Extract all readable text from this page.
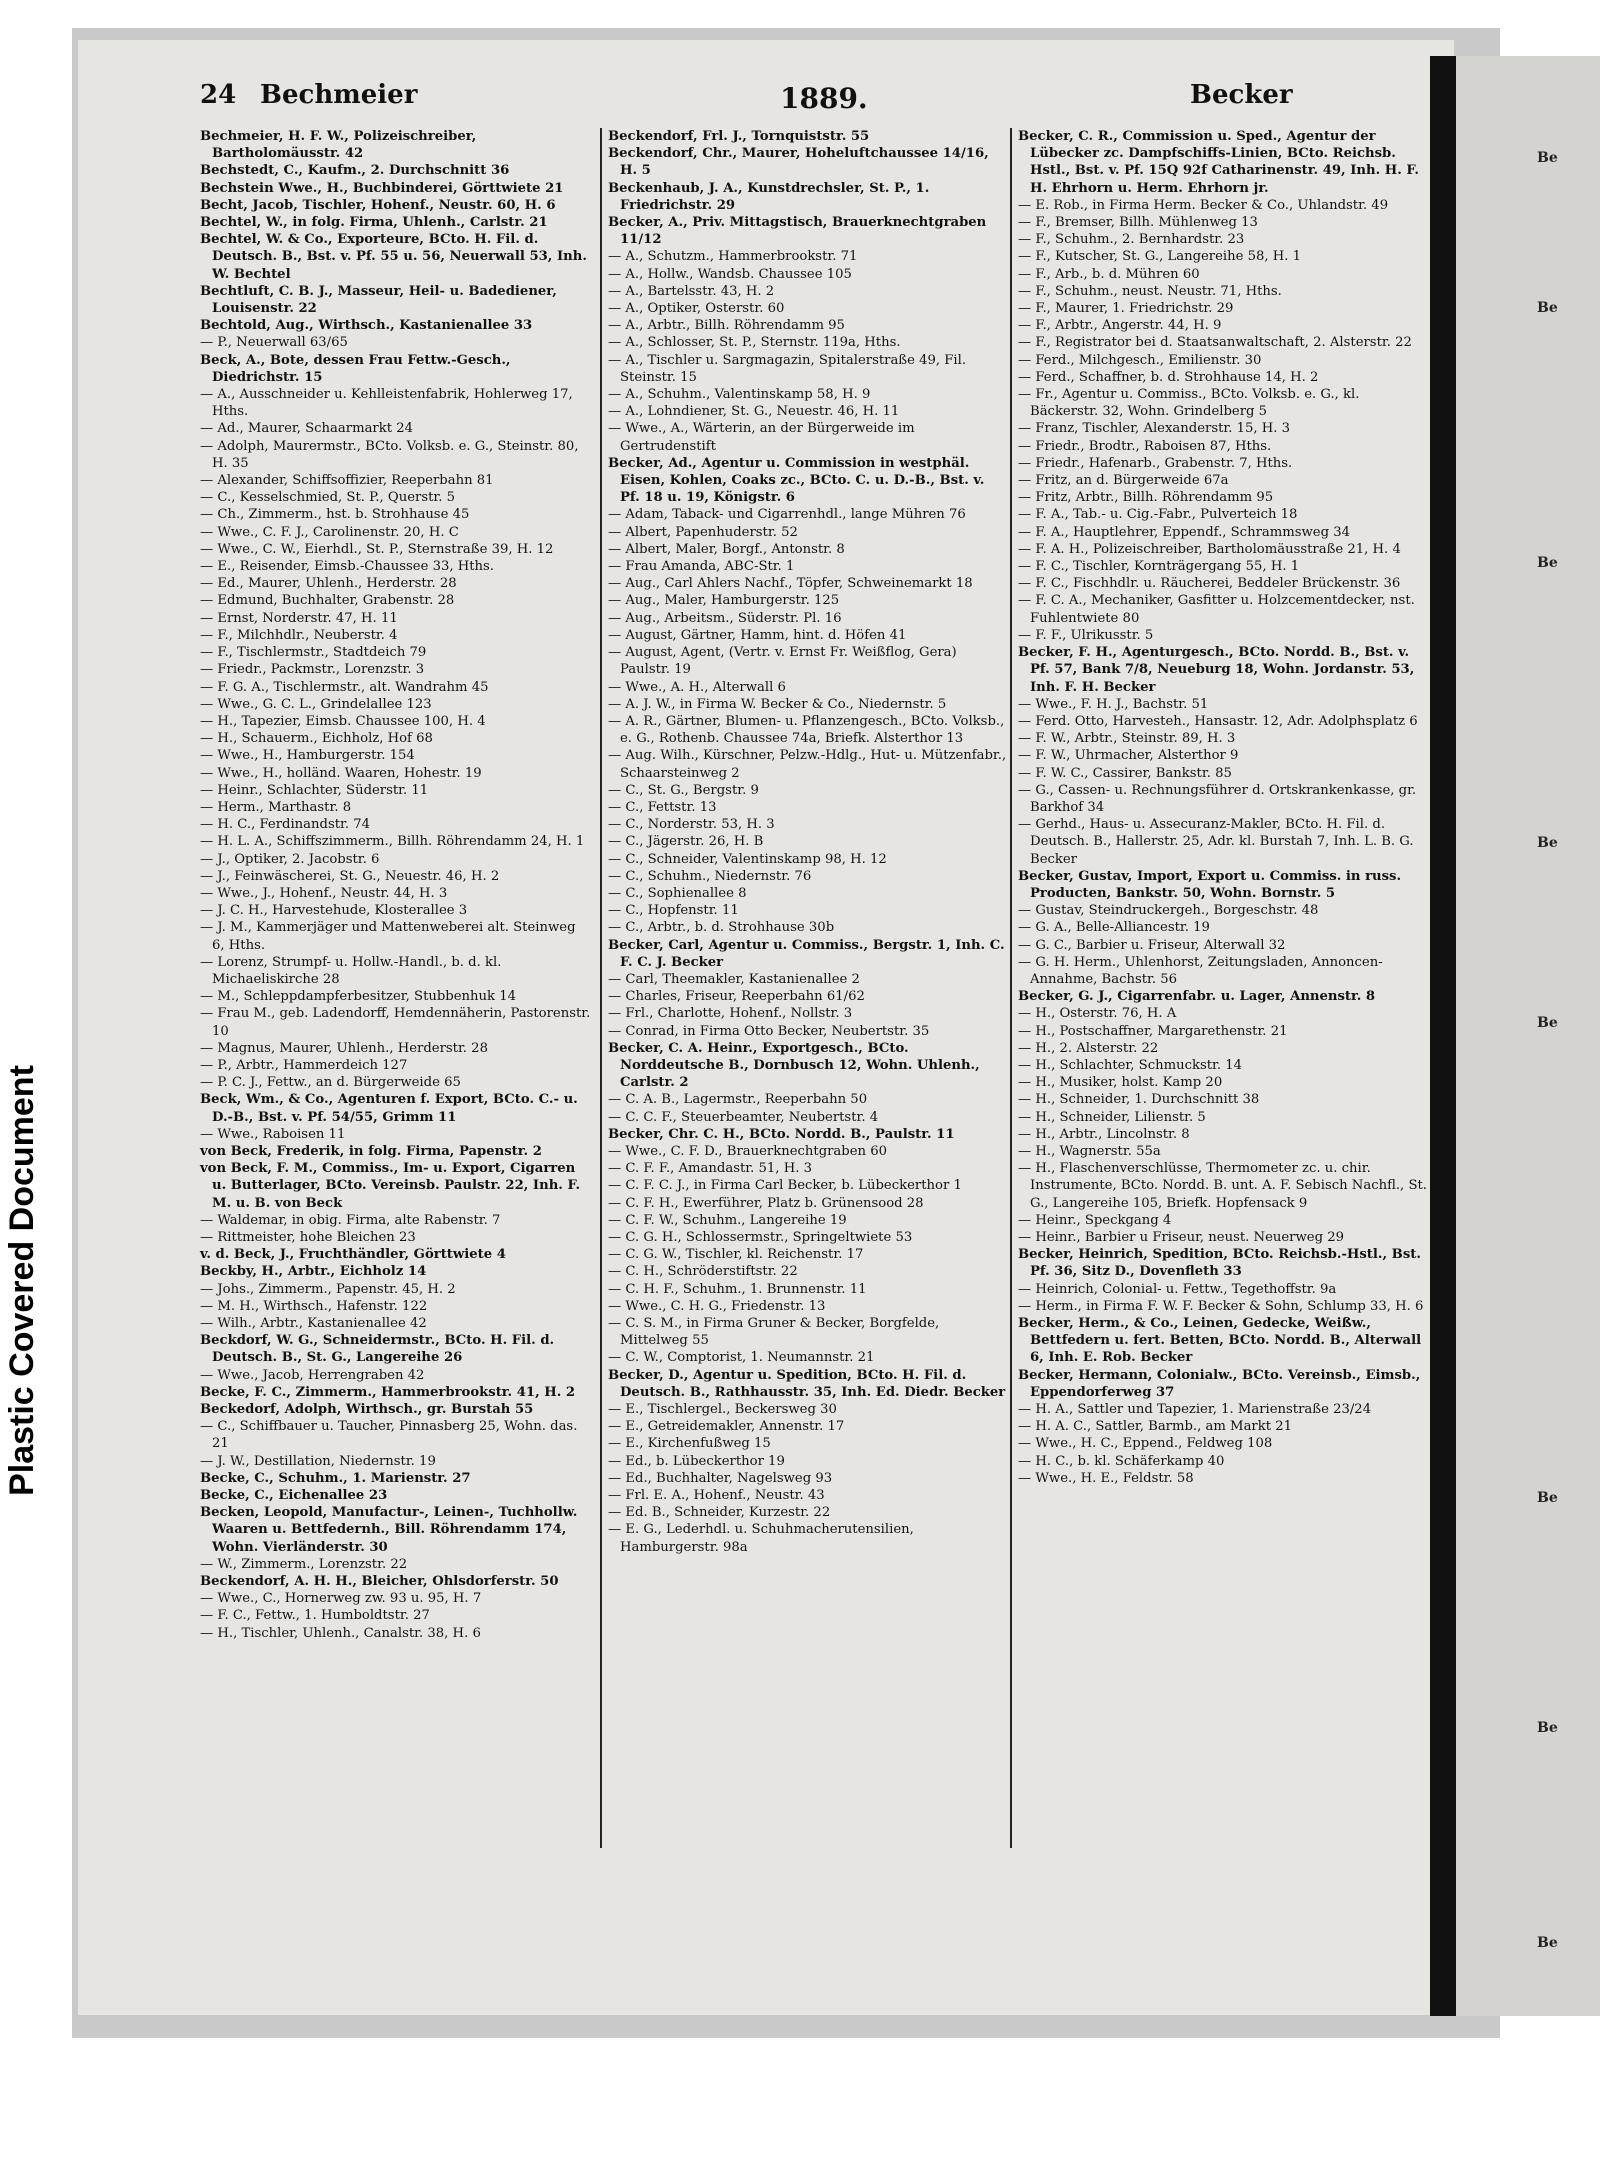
Plastic Covered Document
Be
Be
Be
Be
Be
Be
Be
Be
24 Bechmeier	1889.	Becker

Bechmeier, H. F. W., Polizeischreiber, Bartholomäusstr. 42

Bechstedt, C., Kaufm., 2. Durchschnitt 36

Bechstein Wwe., H., Buchbinderei, Görttwiete 21

Becht, Jacob, Tischler, Hohenf., Neustr. 60, H. 6

Bechtel, W., in folg. Firma, Uhlenh., Carlstr. 21

Bechtel, W. & Co., Exporteure, BCto. H. Fil. d. Deutsch. B., Bst. v. Pf. 55 u. 56, Neuerwall 53, Inh. W. Bechtel

Bechtluft, C. B. J., Masseur, Heil- u. Badediener, Louisenstr. 22

Bechtold, Aug., Wirthsch., Kastanienallee 33

— P., Neuerwall 63/65

Beck, A., Bote, dessen Frau Fettw.-Gesch., Diedrichstr. 15

— A., Ausschneider u. Kehlleistenfabrik, Hohlerweg 17, Hths.

— Ad., Maurer, Schaarmarkt 24

— Adolph, Maurermstr., BCto. Volksb. e. G., Steinstr. 80, H. 35

— Alexander, Schiffsoffizier, Reeperbahn 81

— C., Kesselschmied, St. P., Querstr. 5

— Ch., Zimmerm., hst. b. Strohhause 45

— Wwe., C. F. J., Carolinenstr. 20, H. C

— Wwe., C. W., Eierhdl., St. P., Sternstraße 39, H. 12

— E., Reisender, Eimsb.-Chaussee 33, Hths.

— Ed., Maurer, Uhlenh., Herderstr. 28

— Edmund, Buchhalter, Grabenstr. 28

— Ernst, Norderstr. 47, H. 11

— F., Milchhdlr., Neuberstr. 4

— F., Tischlermstr., Stadtdeich 79

— Friedr., Packmstr., Lorenzstr. 3

— F. G. A., Tischlermstr., alt. Wandrahm 45

— Wwe., G. C. L., Grindelallee 123

— H., Tapezier, Eimsb. Chaussee 100, H. 4

— H., Schauerm., Eichholz, Hof 68

— Wwe., H., Hamburgerstr. 154

— Wwe., H., holländ. Waaren, Hohestr. 19

— Heinr., Schlachter, Süderstr. 11

— Herm., Marthastr. 8

— H. C., Ferdinandstr. 74

— H. L. A., Schiffszimmerm., Billh. Röhrendamm 24, H. 1

— J., Optiker, 2. Jacobstr. 6

— J., Feinwäscherei, St. G., Neuestr. 46, H. 2

— Wwe., J., Hohenf., Neustr. 44, H. 3

— J. C. H., Harvestehude, Klosterallee 3

— J. M., Kammerjäger und Mattenweberei alt. Steinweg 6, Hths.

— Lorenz, Strumpf- u. Hollw.-Handl., b. d. kl. Michaeliskirche 28

— M., Schleppdampferbesitzer, Stubbenhuk 14

— Frau M., geb. Ladendorff, Hemdennäherin, Pastorenstr. 10

— Magnus, Maurer, Uhlenh., Herderstr. 28

— P., Arbtr., Hammerdeich 127

— P. C. J., Fettw., an d. Bürgerweide 65

Beck, Wm., & Co., Agenturen f. Export, BCto. C.- u. D.-B., Bst. v. Pf. 54/55, Grimm 11

— Wwe., Raboisen 11

von Beck, Frederik, in folg. Firma, Papenstr. 2

von Beck, F. M., Commiss., Im- u. Export, Cigarren u. Butterlager, BCto. Vereinsb. Paulstr. 22, Inh. F. M. u. B. von Beck

— Waldemar, in obig. Firma, alte Rabenstr. 7

— Rittmeister, hohe Bleichen 23

v. d. Beck, J., Fruchthändler, Görttwiete 4

Beckby, H., Arbtr., Eichholz 14

— Johs., Zimmerm., Papenstr. 45, H. 2

— M. H., Wirthsch., Hafenstr. 122

— Wilh., Arbtr., Kastanienallee 42

Beckdorf, W. G., Schneidermstr., BCto. H. Fil. d. Deutsch. B., St. G., Langereihe 26

— Wwe., Jacob, Herrengraben 42

Becke, F. C., Zimmerm., Hammerbrookstr. 41, H. 2

Beckedorf, Adolph, Wirthsch., gr. Burstah 55

— C., Schiffbauer u. Taucher, Pinnasberg 25, Wohn. das. 21

— J. W., Destillation, Niedernstr. 19

Becke, C., Schuhm., 1. Marienstr. 27

Becke, C., Eichenallee 23

Becken, Leopold, Manufactur-, Leinen-, Tuchhollw. Waaren u. Bettfedernh., Bill. Röhrendamm 174, Wohn. Vierländerstr. 30

— W., Zimmerm., Lorenzstr. 22

Beckendorf, A. H. H., Bleicher, Ohlsdorferstr. 50

— Wwe., C., Hornerweg zw. 93 u. 95, H. 7

— F. C., Fettw., 1. Humboldtstr. 27

— H., Tischler, Uhlenh., Canalstr. 38, H. 6

Beckendorf, Frl. J., Tornquiststr. 55

Beckendorf, Chr., Maurer, Hoheluftchaussee 14/16, H. 5

Beckenhaub, J. A., Kunstdrechsler, St. P., 1. Friedrichstr. 29

Becker, A., Priv. Mittagstisch, Brauerknechtgraben 11/12

— A., Schutzm., Hammerbrookstr. 71

— A., Hollw., Wandsb. Chaussee 105

— A., Bartelsstr. 43, H. 2

— A., Optiker, Osterstr. 60

— A., Arbtr., Billh. Röhrendamm 95

— A., Schlosser, St. P., Sternstr. 119a, Hths.

— A., Tischler u. Sargmagazin, Spitalerstraße 49, Fil. Steinstr. 15

— A., Schuhm., Valentinskamp 58, H. 9

— A., Lohndiener, St. G., Neuestr. 46, H. 11

— Wwe., A., Wärterin, an der Bürgerweide im Gertrudenstift

Becker, Ad., Agentur u. Commission in westphäl. Eisen, Kohlen, Coaks zc., BCto. C. u. D.-B., Bst. v. Pf. 18 u. 19, Königstr. 6

— Adam, Taback- und Cigarrenhdl., lange Mühren 76

— Albert, Papenhuderstr. 52

— Albert, Maler, Borgf., Antonstr. 8

— Frau Amanda, ABC-Str. 1

— Aug., Carl Ahlers Nachf., Töpfer, Schweinemarkt 18

— Aug., Maler, Hamburgerstr. 125

— Aug., Arbeitsm., Süderstr. Pl. 16

— August, Gärtner, Hamm, hint. d. Höfen 41

— August, Agent, (Vertr. v. Ernst Fr. Weißflog, Gera) Paulstr. 19

— Wwe., A. H., Alterwall 6

— A. J. W., in Firma W. Becker & Co., Niedernstr. 5

— A. R., Gärtner, Blumen- u. Pflanzengesch., BCto. Volksb., e. G., Rothenb. Chaussee 74a, Briefk. Alsterthor 13

— Aug. Wilh., Kürschner, Pelzw.-Hdlg., Hut- u. Mützenfabr., Schaarsteinweg 2

— C., St. G., Bergstr. 9

— C., Fettstr. 13

— C., Norderstr. 53, H. 3

— C., Jägerstr. 26, H. B

— C., Schneider, Valentinskamp 98, H. 12

— C., Schuhm., Niedernstr. 76

— C., Sophienallee 8

— C., Hopfenstr. 11

— C., Arbtr., b. d. Strohhause 30b

Becker, Carl, Agentur u. Commiss., Bergstr. 1, Inh. C. F. C. J. Becker

— Carl, Theemakler, Kastanienallee 2

— Charles, Friseur, Reeperbahn 61/62

— Frl., Charlotte, Hohenf., Nollstr. 3

— Conrad, in Firma Otto Becker, Neubertstr. 35

Becker, C. A. Heinr., Exportgesch., BCto. Norddeutsche B., Dornbusch 12, Wohn. Uhlenh., Carlstr. 2

— C. A. B., Lagermstr., Reeperbahn 50

— C. C. F., Steuerbeamter, Neubertstr. 4

Becker, Chr. C. H., BCto. Nordd. B., Paulstr. 11

— Wwe., C. F. D., Brauerknechtgraben 60

— C. F. F., Amandastr. 51, H. 3

— C. F. C. J., in Firma Carl Becker, b. Lübeckerthor 1

— C. F. H., Ewerführer, Platz b. Grünensood 28

— C. F. W., Schuhm., Langereihe 19

— C. G. H., Schlossermstr., Springeltwiete 53

— C. G. W., Tischler, kl. Reichenstr. 17

— C. H., Schröderstiftstr. 22

— C. H. F., Schuhm., 1. Brunnenstr. 11

— Wwe., C. H. G., Friedenstr. 13

— C. S. M., in Firma Gruner & Becker, Borgfelde, Mittelweg 55

— C. W., Comptorist, 1. Neumannstr. 21

Becker, D., Agentur u. Spedition, BCto. H. Fil. d. Deutsch. B., Rathhausstr. 35, Inh. Ed. Diedr. Becker

— E., Tischlergel., Beckersweg 30

— E., Getreidemakler, Annenstr. 17

— E., Kirchenfußweg 15

— Ed., b. Lübeckerthor 19

— Ed., Buchhalter, Nagelsweg 93

— Frl. E. A., Hohenf., Neustr. 43

— Ed. B., Schneider, Kurzestr. 22

— E. G., Lederhdl. u. Schuhmacherutensilien, Hamburgerstr. 98a

Becker, C. R., Commission u. Sped., Agentur der Lübecker zc. Dampfschiffs-Linien, BCto. Reichsb. Hstl., Bst. v. Pf. 15Q 92f Catharinenstr. 49, Inh. H. F. H. Ehrhorn u. Herm. Ehrhorn jr.

— E. Rob., in Firma Herm. Becker & Co., Uhlandstr. 49

— F., Bremser, Billh. Mühlenweg 13

— F., Schuhm., 2. Bernhardstr. 23

— F., Kutscher, St. G., Langereihe 58, H. 1

— F., Arb., b. d. Mühren 60

— F., Schuhm., neust. Neustr. 71, Hths.

— F., Maurer, 1. Friedrichstr. 29

— F., Arbtr., Angerstr. 44, H. 9

— F., Registrator bei d. Staatsanwaltschaft, 2. Alsterstr. 22

— Ferd., Milchgesch., Emilienstr. 30

— Ferd., Schaffner, b. d. Strohhause 14, H. 2

— Fr., Agentur u. Commiss., BCto. Volksb. e. G., kl. Bäckerstr. 32, Wohn. Grindelberg 5

— Franz, Tischler, Alexanderstr. 15, H. 3

— Friedr., Brodtr., Raboisen 87, Hths.

— Friedr., Hafenarb., Grabenstr. 7, Hths.

— Fritz, an d. Bürgerweide 67a

— Fritz, Arbtr., Billh. Röhrendamm 95

— F. A., Tab.- u. Cig.-Fabr., Pulverteich 18

— F. A., Hauptlehrer, Eppendf., Schrammsweg 34

— F. A. H., Polizeischreiber, Bartholomäusstraße 21, H. 4

— F. C., Tischler, Kornträgergang 55, H. 1

— F. C., Fischhdlr. u. Räucherei, Beddeler Brückenstr. 36

— F. C. A., Mechaniker, Gasfitter u. Holzcementdecker, nst. Fuhlentwiete 80

— F. F., Ulrikusstr. 5

Becker, F. H., Agenturgesch., BCto. Nordd. B., Bst. v. Pf. 57, Bank 7/8, Neueburg 18, Wohn. Jordanstr. 53, Inh. F. H. Becker

— Wwe., F. H. J., Bachstr. 51

— Ferd. Otto, Harvesteh., Hansastr. 12, Adr. Adolphsplatz 6

— F. W., Arbtr., Steinstr. 89, H. 3

— F. W., Uhrmacher, Alsterthor 9

— F. W. C., Cassirer, Bankstr. 85

— G., Cassen- u. Rechnungsführer d. Ortskrankenkasse, gr. Barkhof 34

— Gerhd., Haus- u. Assecuranz-Makler, BCto. H. Fil. d. Deutsch. B., Hallerstr. 25, Adr. kl. Burstah 7, Inh. L. B. G. Becker

Becker, Gustav, Import, Export u. Commiss. in russ. Producten, Bankstr. 50, Wohn. Bornstr. 5

— Gustav, Steindruckergeh., Borgeschstr. 48

— G. A., Belle-Alliancestr. 19

— G. C., Barbier u. Friseur, Alterwall 32

— G. H. Herm., Uhlenhorst, Zeitungsladen, Annoncen-Annahme, Bachstr. 56

Becker, G. J., Cigarrenfabr. u. Lager, Annenstr. 8

— H., Osterstr. 76, H. A

— H., Postschaffner, Margarethenstr. 21

— H., 2. Alsterstr. 22

— H., Schlachter, Schmuckstr. 14

— H., Musiker, holst. Kamp 20

— H., Schneider, 1. Durchschnitt 38

— H., Schneider, Lilienstr. 5

— H., Arbtr., Lincolnstr. 8

— H., Wagnerstr. 55a

— H., Flaschenverschlüsse, Thermometer zc. u. chir. Instrumente, BCto. Nordd. B. unt. A. F. Sebisch Nachfl., St. G., Langereihe 105, Briefk. Hopfensack 9

— Heinr., Speckgang 4

— Heinr., Barbier u Friseur, neust. Neuerweg 29

Becker, Heinrich, Spedition, BCto. Reichsb.-Hstl., Bst. Pf. 36, Sitz D., Dovenfleth 33

— Heinrich, Colonial- u. Fettw., Tegethoffstr. 9a

— Herm., in Firma F. W. F. Becker & Sohn, Schlump 33, H. 6

Becker, Herm., & Co., Leinen, Gedecke, Weißw., Bettfedern u. fert. Betten, BCto. Nordd. B., Alterwall 6, Inh. E. Rob. Becker

Becker, Hermann, Colonialw., BCto. Vereinsb., Eimsb., Eppendorferweg 37

— H. A., Sattler und Tapezier, 1. Marienstraße 23/24

— H. A. C., Sattler, Barmb., am Markt 21

— Wwe., H. C., Eppend., Feldweg 108

— H. C., b. kl. Schäferkamp 40

— Wwe., H. E., Feldstr. 58
